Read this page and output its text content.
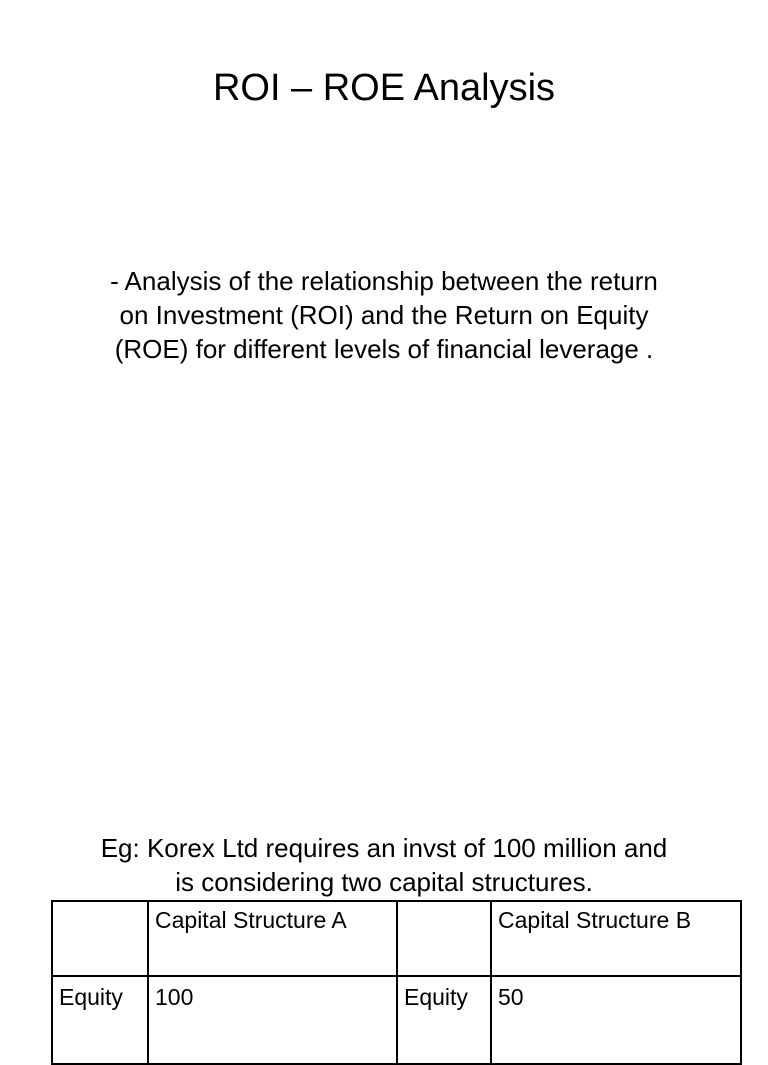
ROI – ROE Analysis
- Analysis of the relationship between the return
on Investment (ROI) and the Return on Equity
(ROE) for different levels of financial leverage .
Eg: Korex Ltd requires an invst of 100 million and
is considering two capital structures.
	Capital Structure A		Capital Structure B
Equity	100	Equity	50
